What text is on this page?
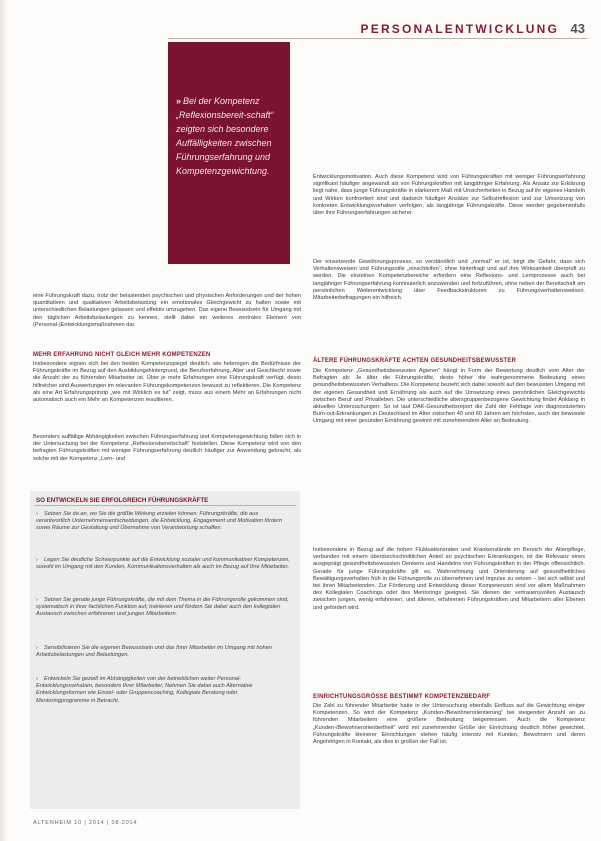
PERSONALENTWICKLUNG 43

» Bei der Kompetenz „Reflexionsbereit-schaft“ zeigten sich besondere Auffälligkeiten zwischen Führungserfahrung und Kompetenzgewichtung.

Entwicklungsmotivation. Auch diese Kompetenz wird von Führungskräften mit weniger Führungserfahrung signifikant häufiger angewandt als von Führungskräften mit langjähriger Erfahrung. Als Ansatz zur Erklärung liegt nahe, dass junge Führungskräfte in stärkerem Maß mit Unsicherheiten in Bezug auf ihr eigenes Handeln und Wirken konfrontiert sind und dadurch häufiger Ansätze zur Selbstreflexion und zur Umsetzung von konkreten Entwicklungsvorhaben verfolgen, als langjährige Führungskräfte. Diese werden gegebenenfalls über ihre Führungserfahrungen sicherer.

Der einsetzende Gewöhnungsprozess, so verständlich und „normal“ er ist, birgt die Gefahr, dass sich Verhaltensweisen und Führungsstile „einschleifen“, ohne hinterfragt und auf ihre Wirksamkeit überprüft zu werden. Die einzelnen Kompetenzbereiche erfordern eine Reflexions- und Lernprozesse auch bei langjähriger Führungserfahrung kontinuierlich anzuwenden und fortzuführen, ohne neben der Bereitschaft am persönlichen Weiterentwicklung über Feedbackstrukturen zu Führungsverhaltensweisen. Mitarbeiterbefragungen ein hilfreich.

ÄLTERE FÜHRUNGSKRÄFTE ACHTEN GESUNDHEITSBEWUSSTER

Die Kompetenz „Gesundheitsbewusstes Agieren“ hängt in Form der Bewertung deutlich vom Alter der Befragten ab: Je älter die Führungskräfte, desto höher die wahrgenommene Bedeutung eines gesundheitsbewussten Verhaltens. Die Kompetenz bezieht sich dabei sowohl auf den bewussten Umgang mit der eigenen Gesundheit und Ernährung als auch auf die Umsetzung eines persönlichen Gleichgewichts zwischen Beruf und Privatleben. Die unterschiedliche altersgruppenbezogene Gewichtung findet Anklang in aktuellen Untersuchungen: So ist laut DAK-Gesundheitsreport die Zahl der Fehltage von diagnostizierten Burn-out-Erkrankungen in Deutschland im Alter zwischen 40 und 60 Jahren am höchsten, auch der bewusste Umgang mit einer gesunden Ernährung gewinnt mit zunehmendem Alter an Bedeutung.

Insbesondere in Bezug auf die hohen Fluktuationsraten und Krankenstände im Bereich der Altenpflege, verbunden mit einem überdurchschnittlichen Anteil an psychischen Erkrankungen, ist die Relevanz eines ausgeprägt gesundheitsbewussten Denkens und Handelns von Führungskräften in der Pflege offensichtlich. Gerade für junge Führungskräfte gilt es, Wahrnehmung und Orientierung auf gesundheitliches Bewältigungsverhalten früh in die Führungsrolle zu übernehmen und Impulse zu setzen – bei sich selbst und bei ihren Mitarbeitenden. Zur Förderung und Entwicklung dieser Kompetenzen sind vor allem Maßnahmen des Kollegialen Coachings oder des Mentorings geeignet. Sie dienen der vertrauensvollen Austausch zwischen jungen, wenig erfahrenen, und älteren, erfahrenen Führungskräften und Mitarbeitern aller Ebenen und gefordert wird.

EINRICHTUNGSGRÖSSE BESTIMMT KOMPETENZBEDARF

Die Zahl zu führender Mitarbeiter hatte in der Untersuchung ebenfalls Einfluss auf die Gewichtung einiger Kompetenzen. So wird der Kompetenz „Kunden-/Bewohnerorientierung“ bei steigender Anzahl an zu führenden Mitarbeitern eine größere Bedeutung beigemessen. Auch die Kompetenz „Kunden-/Bewohnerorientiertheit“ wird mit zunehmender Größe der Einrichtung deutlich höher gewichtet. Führungskräfte kleinerer Einrichtungen stehen häufig intensiv mit Kunden, Bewohnern und deren Angehörigen in Kontakt, als dies in großen der Fall ist.

eine Führungskraft dazu, trotz der belastenden psychischen und physischen Anforderungen und der hohen quantitativen und qualitativen Arbeitsbelastung ein emotionales Gleichgewicht zu halten sowie mit unterschiedlichen Belastungen gelassen und effektiv umzugehen. Das eigene Bewusstsein für Umgang mit den täglichen Arbeitsbelastungen zu kennen, stellt dabei ein weiteres zentrales Element von (Personal-)Entwicklungsmaßnahmen dar.

MEHR ERFAHRUNG NICHT GLEICH MEHR KOMPETENZEN

Insbesondere eignen sich bei den beiden Kompetenzspiegel deutlich, wie heterogen die Bedürfnisse der Führungskräfte im Bezug auf den Ausbildungshintergrund, die Berufserfahrung, Alter und Geschlecht sowie die Anzahl der zu führenden Mitarbeiter ist. Über je mehr Erfahrungen eine Führungskraft verfügt, desto hilfreicher sind Auswertungen im relevanten Führungskompetenzen bewusst zu reflektieren. Die Kompetenz als eine Art Erfahrungsprinzip „wie mit Wirklich es tut“ zeigt, muss aus einem Mehr an Erfahrungen nicht automatisch auch ein Mehr an Kompetenzen resultieren.

Besonders auffällige Abhängigkeiten zwischen Führungserfahrung und Kompetenzgewichtung fallen sich in der Untersuchung bei der Kompetenz „Reflexionsbereitschaft“ feststellen. Diese Kompetenz wird von den befragten Führungskräften mit weniger Führungserfahrung deutlich häufiger zur Anwendung gebracht, als solche mit der Kompetenz „Lern- und

SO ENTWICKELN SIE ERFOLGREICH FÜHRUNGSKRÄFTE

› Setzen Sie da an, wo Sie die größte Wirkung erzielen können: Führungskräfte, die aus verantwortlich Unternehmensentscheidungen, die Entwicklung, Engagement und Motivation fördern sowie Räume zur Gestaltung und Übernahme von Verantwortung schaffen.

› Legen Sie deutliche Schwerpunkte auf die Entwicklung sozialer und kommunikativer Kompetenzen, sowohl im Umgang mit den Kunden, Kommunikationsverhalten als auch im Bezug auf Ihre Mitarbeiter.

› Setzen Sie gerade junge Führungskräfte, die mit dem Thema in die Führungsrolle gekommen sind, systematisch in ihrer fachlichen Funktion auf, trainieren und fördern Sie dabei auch den kollegialen Austausch zwischen erfahrenen und jungen Mitarbeitern.

› Sensibilisieren Sie die eigenen Bewusstsein und das Ihrer Mitarbeiter im Umgang mit hohen Arbeitsbelastungen und Belastungen.

› Entwickeln Sie gezielt im Abhängigkeiten von der betrieblichen weiter Personal-Entwicklungsvorhaben, besonders Ihrer Mitarbeiter, Nehmen Sie dabei auch Alternative Entwicklungsformen wie Einzel- oder Gruppencoaching, Kollegiale Beratung oder Mentoringprogramme in Betracht.

ALTENHEIM 10 | 2014 | 08.2014
